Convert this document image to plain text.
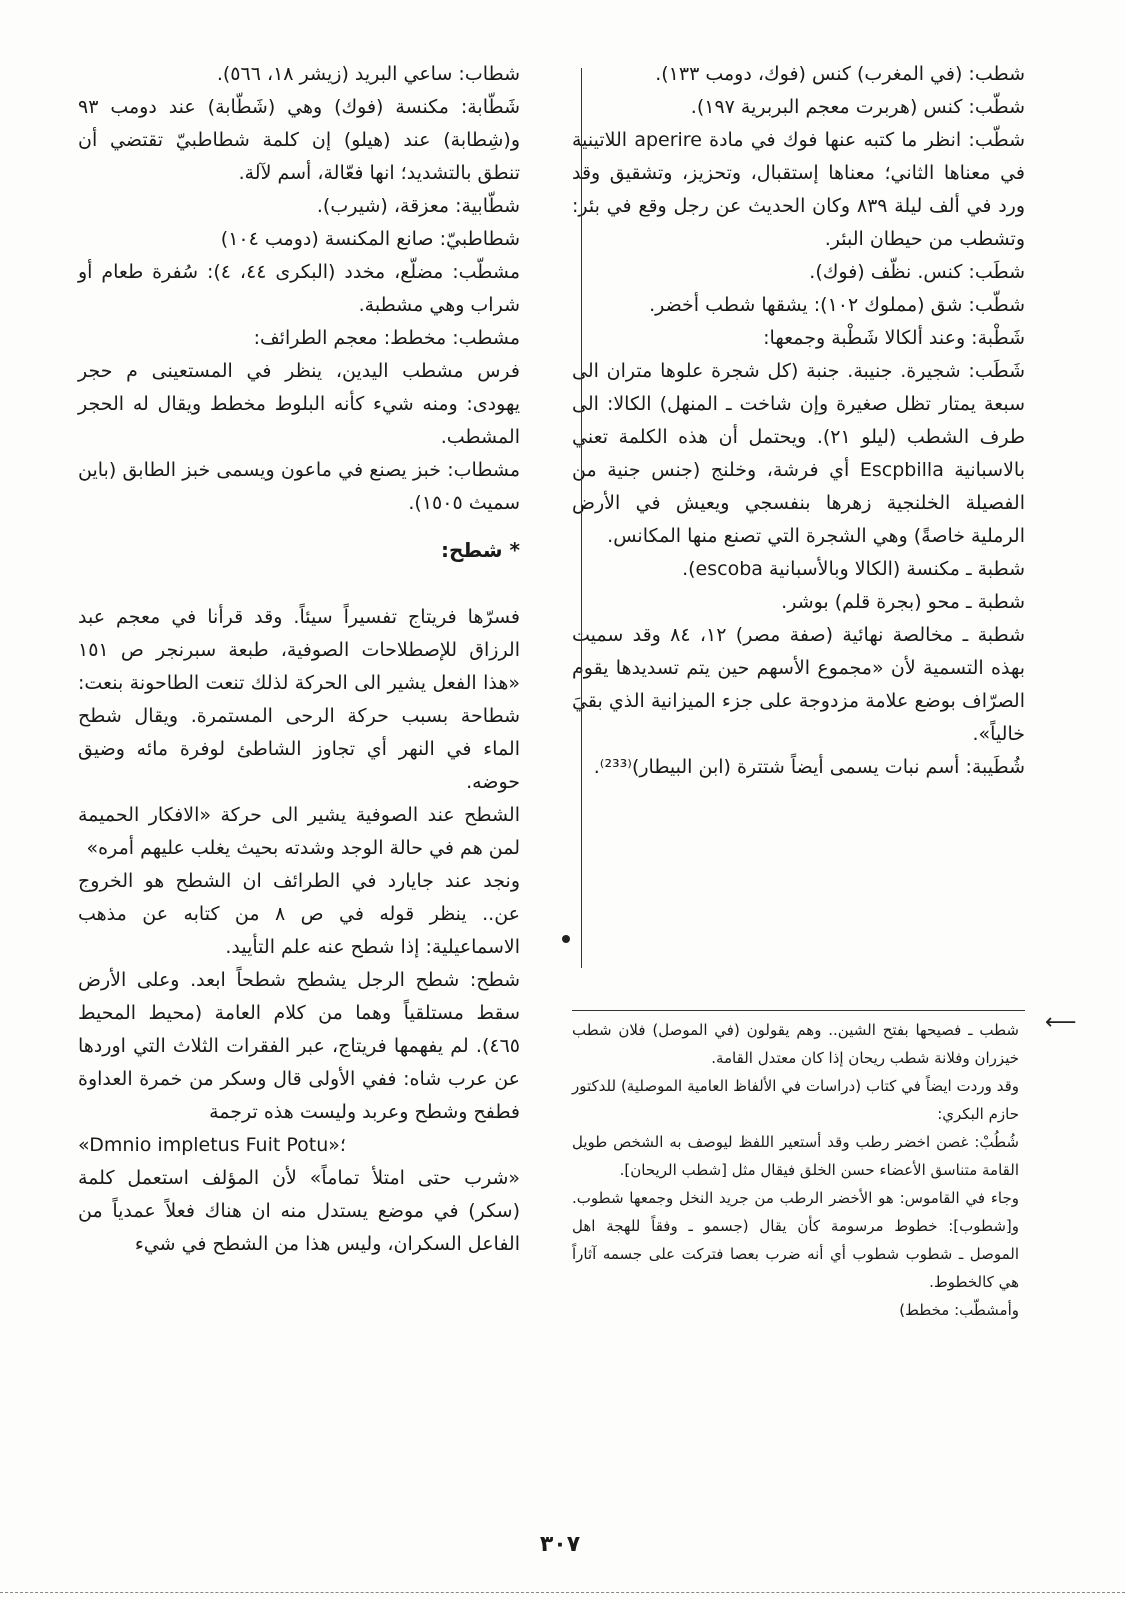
شطب: (في المغرب) كنس (فوك، دومب ١٣٣).

شطّب: كنس (هربرت معجم البربرية ١٩٧).

شطّب: انظر ما كتبه عنها فوك في مادة aperire اللاتينية في معناها الثاني؛ معناها إستقبال، وتحزيز، وتشقيق وقد ورد في ألف ليلة ٨٣٩ وكان الحديث عن رجل وقع في بئر: وتشطب من حيطان البئر.

شطَب: كنس. نظّف (فوك).

شطّب: شق (مملوك ١٠٢): يشقها شطب أخضر.

شَطْبة: وعند ألكالا شَطْبة وجمعها:

شَطَب: شجيرة. جنيبة. جنبة (كل شجرة علوها متران الى سبعة يمتار تظل صغيرة وإن شاخت ـ المنهل) الكالا: الى طرف الشطب (ليلو ٢١). ويحتمل أن هذه الكلمة تعني بالاسبانية Escpbilla أي فرشة، وخلنج (جنس جنية من الفصيلة الخلنجية زهرها بنفسجي ويعيش في الأرض الرملية خاصةً) وهي الشجرة التي تصنع منها المكانس.

شطبة ـ مكنسة (الكالا وبالأسبانية escoba).

شطبة ـ محو (بجرة قلم) بوشر.

شطبة ـ مخالصة نهائية (صفة مصر) ١٢، ٨٤ وقد سميت بهذه التسمية لأن «مجموع الأسهم حين يتم تسديدها يقوم الصرّاف بوضع علامة مزدوجة على جزء الميزانية الذي بقيَ خالياً».

شُطَيبة: أسم نبات يسمى أيضاً شتترة (ابن البيطار)⁽²³³⁾.

شطاب: ساعي البريد (زيشر ١٨، ٥٦٦).

شَطّابة: مكنسة (فوك) وهي (شَطّابة) عند دومب ٩٣ و(شِطابة) عند (هيلو) إن كلمة شطاطبيّ تقتضي أن تنطق بالتشديد؛ انها فعّالة، أسم لآلة.

شطّابية: معزقة، (شيرب).

شطاطبيّ: صانع المكنسة (دومب ١٠٤)

مشطّب: مضلّع، مخدد (البكرى ٤٤، ٤): سُفرة طعام أو شراب وهي مشطبة.

مشطب: مخطط: معجم الطرائف:

فرس مشطب اليدين، ينظر في المستعينى م حجر يهودى: ومنه شيء كأنه البلوط مخطط ويقال له الحجر المشطب.

مشطاب: خبز يصنع في ماعون ويسمى خبز الطابق (باين سميث ١٥٠٥).

* شطح:

فسرّها فريتاج تفسيراً سيئاً. وقد قرأنا في معجم عبد الرزاق للإصطلاحات الصوفية، طبعة سبرنجر ص ١٥١ «هذا الفعل يشير الى الحركة لذلك تنعت الطاحونة بنعت: شطاحة بسبب حركة الرحى المستمرة. ويقال شطح الماء في النهر أي تجاوز الشاطئ لوفرة مائه وضيق حوضه.

الشطح عند الصوفية يشير الى حركة «الافكار الحميمة لمن هم في حالة الوجد وشدته بحيث يغلب عليهم أمره»

ونجد عند جايارد في الطرائف ان الشطح هو الخروج عن.. ينظر قوله في ص ٨ من كتابه عن مذهب الاسماعيلية: إذا شطح عنه علم التأييد.

شطح: شطح الرجل يشطح شطحاً ابعد. وعلى الأرض سقط مستلقياً وهما من كلام العامة (محيط المحيط ٤٦٥). لم يفهمها فريتاج، عبر الفقرات الثلاث التي اوردها عن عرب شاه: ففي الأولى قال وسكر من خمرة العداوة فطفح وشطح وعربد وليست هذه ترجمة

«Dmnio impletus Fuit Potu»؛

«شرب حتى امتلأ تماماً» لأن المؤلف استعمل كلمة (سكر) في موضع يستدل منه ان هناك فعلاً عمدياً من الفاعل السكران، وليس هذا من الشطح في شيء

⟵

شطب ـ فصيحها بفتح الشين.. وهم يقولون (في الموصل) فلان شطب خيزران وفلانة شطب ريحان إذا كان معتدل القامة.

وقد وردت ايضاً في كتاب (دراسات في الألفاظ العامية الموصلية) للدكتور حازم البكري:

شُطُبْ: غصن اخضر رطب وقد أستعير اللفظ ليوصف به الشخص طويل القامة متناسق الأعضاء حسن الخلق فيقال مثل [شطب الريحان].

وجاء في القاموس: هو الأخضر الرطب من جريد النخل وجمعها شطوب. و[شطوب]: خطوط مرسومة كأن يقال (جسمو ـ وفقاً للهجة اهل الموصل ـ شطوب شطوب أي أنه ضرب بعصا فتركت على جسمه آثاراً هي كالخطوط.

وأمشطّب: مخطط)

٣٠٧
